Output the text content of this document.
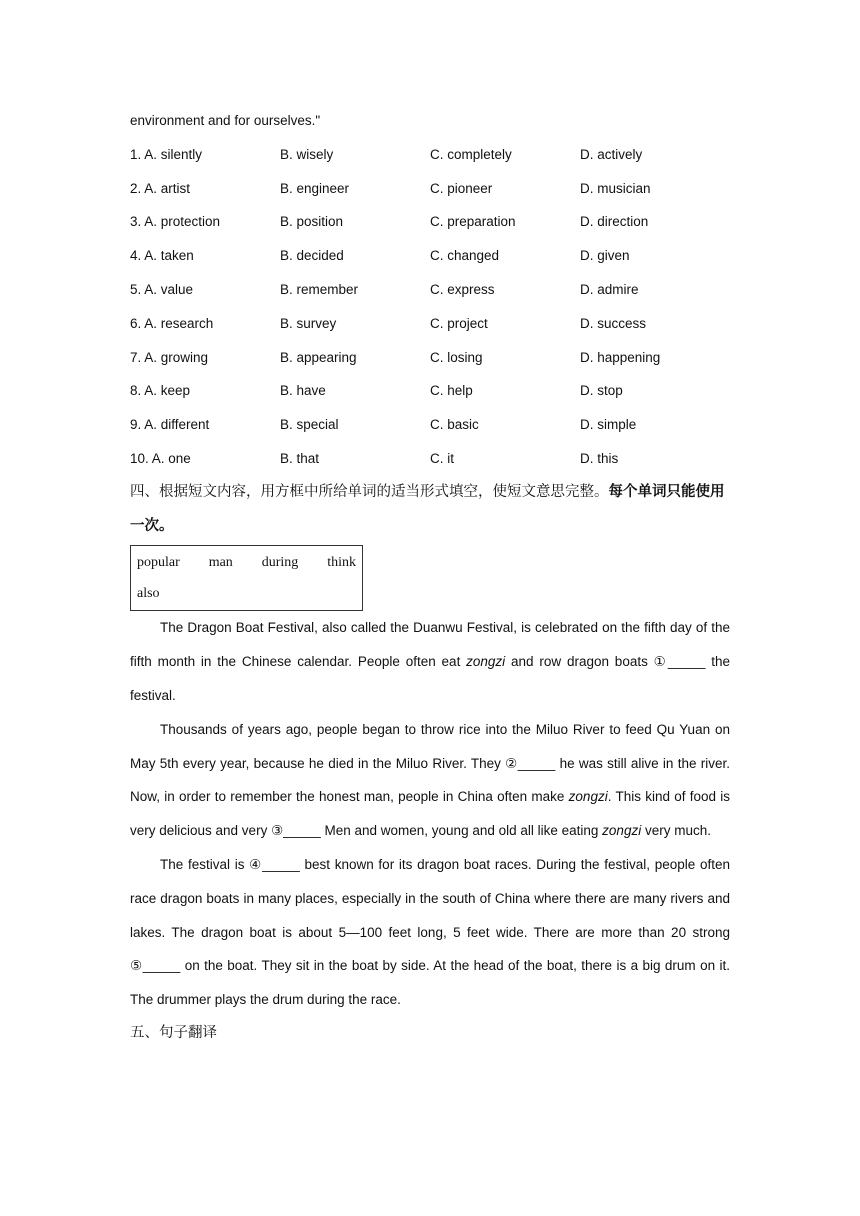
environment and for ourselves."
1. A. silently	B. wisely	C. completely	D. actively
2. A. artist	B. engineer	C. pioneer	D. musician
3. A. protection	B. position	C. preparation	D. direction
4. A. taken	B. decided	C. changed	D. given
5. A. value	B. remember	C. express	D. admire
6. A. research	B. survey	C. project	D. success
7. A. growing	B. appearing	C. losing	D. happening
8. A. keep	B. have	C. help	D. stop
9. A. different	B. special	C. basic	D. simple
10. A. one	B. that	C. it	D. this
四、根据短文内容，用方框中所给单词的适当形式填空，使短文意思完整。每个单词只能使用一次。
popular man during think
also

The Dragon Boat Festival, also called the Duanwu Festival, is celebrated on the fifth day of the fifth month in the Chinese calendar. People often eat zongzi and row dragon boats ①_____ the festival.

Thousands of years ago, people began to throw rice into the Miluo River to feed Qu Yuan on May 5th every year, because he died in the Miluo River. They ②_____ he was still alive in the river. Now, in order to remember the honest man, people in China often make zongzi. This kind of food is very delicious and very ③_____ Men and women, young and old all like eating zongzi very much.

The festival is ④_____ best known for its dragon boat races. During the festival, people often race dragon boats in many places, especially in the south of China where there are many rivers and lakes. The dragon boat is about 5—100 feet long, 5 feet wide. There are more than 20 strong ⑤_____ on the boat. They sit in the boat by side. At the head of the boat, there is a big drum on it. The drummer plays the drum during the race.

五、句子翻译
